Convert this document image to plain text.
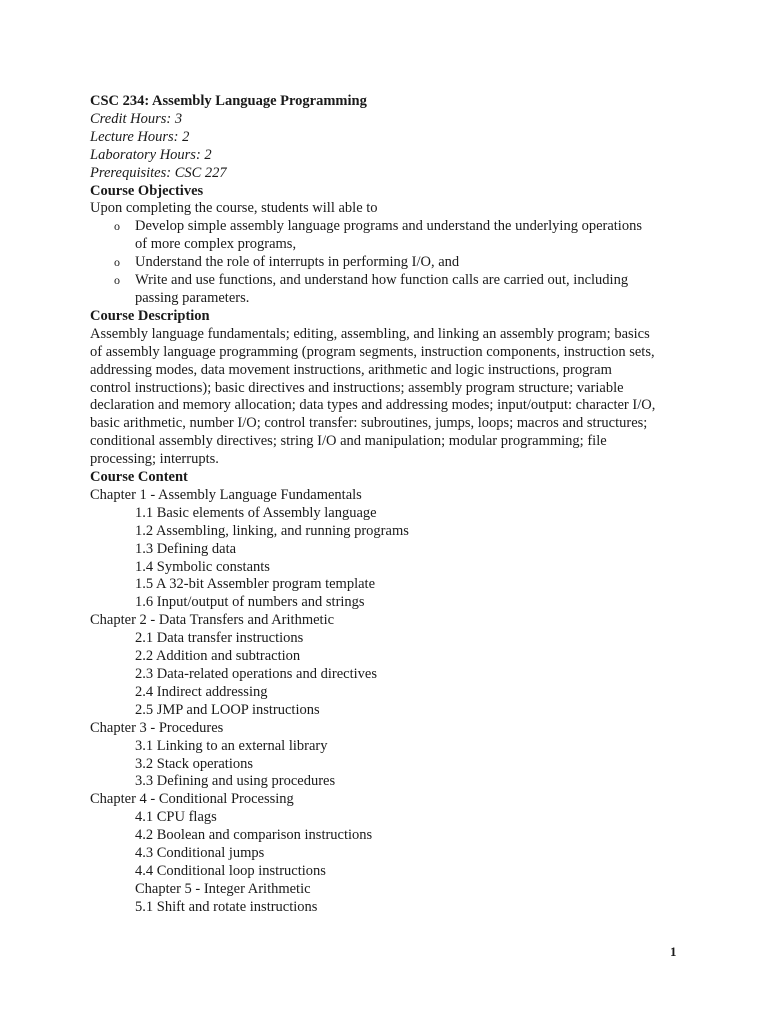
CSC 234: Assembly Language Programming
Credit Hours: 3
Lecture Hours: 2
Laboratory Hours: 2
Prerequisites: CSC 227
Course Objectives
Upon completing the course, students will able to
o Develop simple assembly language programs and understand the underlying operations
of more complex programs,
o Understand the role of interrupts in performing I/O, and
o Write and use functions, and understand how function calls are carried out, including
passing parameters.
Course Description
Assembly language fundamentals; editing, assembling, and linking an assembly program; basics
of assembly language programming (program segments, instruction components, instruction sets,
addressing modes, data movement instructions, arithmetic and logic instructions, program
control instructions); basic directives and instructions; assembly program structure; variable
declaration and memory allocation; data types and addressing modes; input/output: character I/O,
basic arithmetic, number I/O; control transfer: subroutines, jumps, loops; macros and structures;
conditional assembly directives; string I/O and manipulation; modular programming; file
processing; interrupts.
Course Content
Chapter 1 - Assembly Language Fundamentals
1.1 Basic elements of Assembly language
1.2 Assembling, linking, and running programs
1.3 Defining data
1.4 Symbolic constants
1.5 A 32-bit Assembler program template
1.6 Input/output of numbers and strings
Chapter 2 - Data Transfers and Arithmetic
2.1 Data transfer instructions
2.2 Addition and subtraction
2.3 Data-related operations and directives
2.4 Indirect addressing
2.5 JMP and LOOP instructions
Chapter 3 - Procedures
3.1 Linking to an external library
3.2 Stack operations
3.3 Defining and using procedures
Chapter 4 - Conditional Processing
4.1 CPU flags
4.2 Boolean and comparison instructions
4.3 Conditional jumps
4.4 Conditional loop instructions
Chapter 5 - Integer Arithmetic
5.1 Shift and rotate instructions
1
